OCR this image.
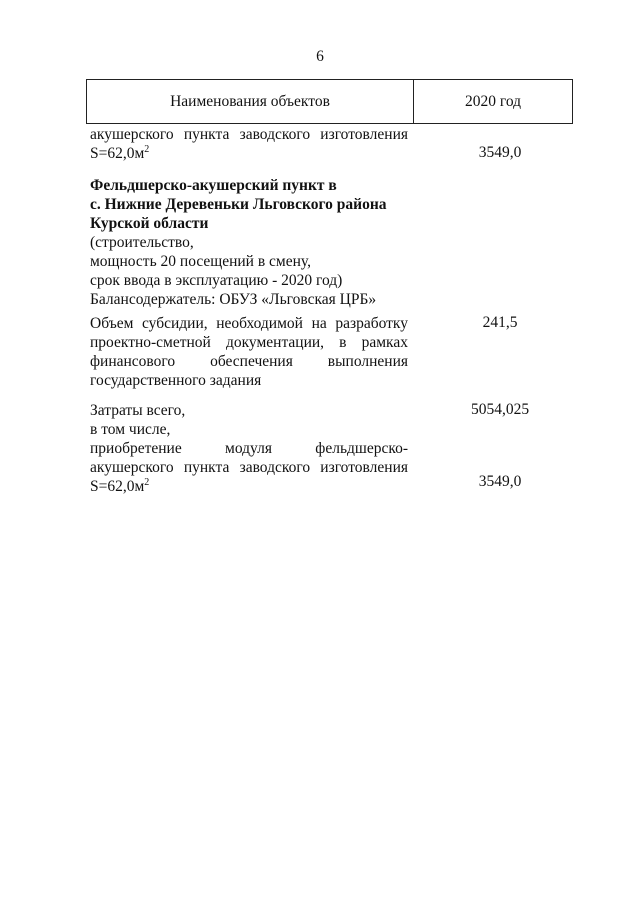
6
Наименования объектов	2020 год
акушерского пункта заводского изготовления
$S=62,0м^2$	3549,0
Фельдшерско-акушерский пункт в
с. Нижние Деревеньки Льговского района
Курской области
(строительство,
мощность 20 посещений в смену,
срок ввода в эксплуатацию - 2020 год)
Балансодержатель: ОБУЗ «Льговская ЦРБ»
Объем субсидии, необходимой на разработку
проектно-сметной документации, в рамках
финансового обеспечения выполнения
государственного задания
241,5
Затраты всего,
в том числе,
приобретение модуля фельдшерско-
акушерского пункта заводского изготовления
$S=62,0м^2$
5054,025
3549,0
